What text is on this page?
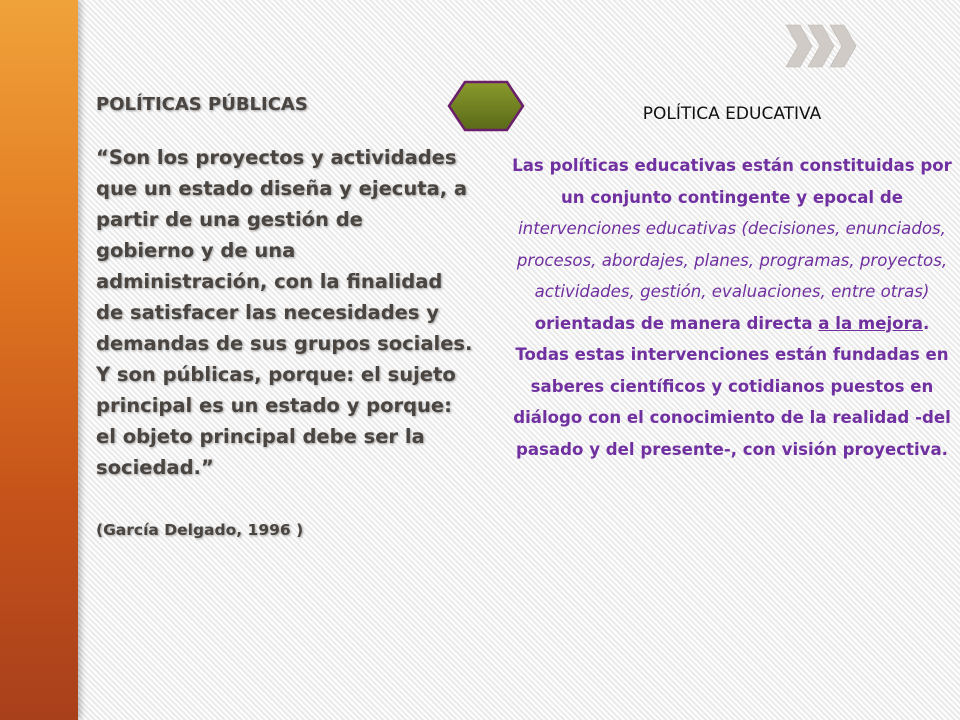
POLÍTICAS PÚBLICAS
“Son los proyectos y actividades
que un estado diseña y ejecuta, a
partir de una gestión de
gobierno y de una
administración, con la finalidad
de satisfacer las necesidades y
demandas de sus grupos sociales.
Y son públicas, porque: el sujeto
principal es un estado y porque:
el objeto principal debe ser la
sociedad.”
(García Delgado, 1996 )
POLÍTICA EDUCATIVA

Las políticas educativas están constituidas por un conjunto contingente y epocal de intervenciones educativas (decisiones, enunciados, procesos, abordajes, planes, programas, proyectos, actividades, gestión, evaluaciones, entre otras) orientadas de manera directa a la mejora.
Todas estas intervenciones están fundadas en saberes científicos y cotidianos puestos en diálogo con el conocimiento de la realidad -del pasado y del presente-, con visión proyectiva.
